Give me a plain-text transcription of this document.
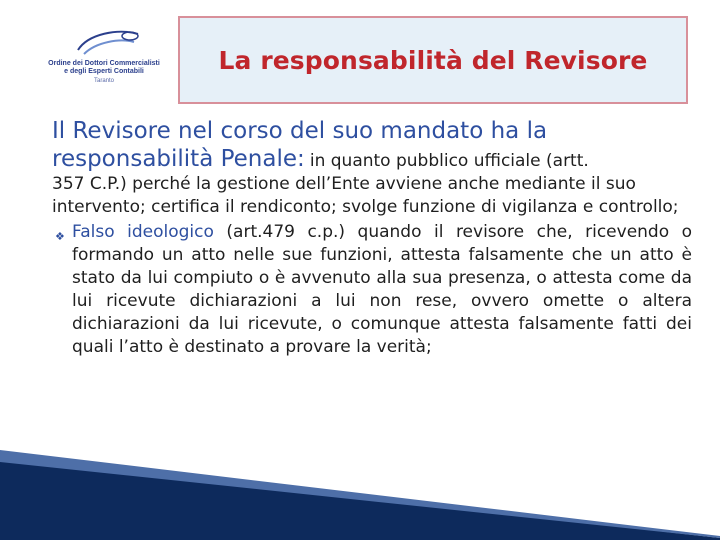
Ordine dei Dottori Commercialisti
e degli Esperti Contabili
Taranto
La responsabilità del Revisore
Il Revisore nel corso del suo mandato ha la
responsabilità Penale: in quanto pubblico ufficiale (artt.
357 C.P.) perché la gestione dell’Ente avviene anche mediante il suo intervento; certifica il rendiconto; svolge funzione di vigilanza e controllo;
❖ Falso ideologico (art.479 c.p.) quando il revisore che, ricevendo o formando un atto nelle sue funzioni, attesta falsamente che un atto è stato da lui compiuto o è avvenuto alla sua presenza, o attesta come da lui ricevute dichiarazioni a lui non rese, ovvero omette o altera dichiarazioni da lui ricevute, o comunque attesta falsamente fatti dei quali l’atto è destinato a provare la verità;
